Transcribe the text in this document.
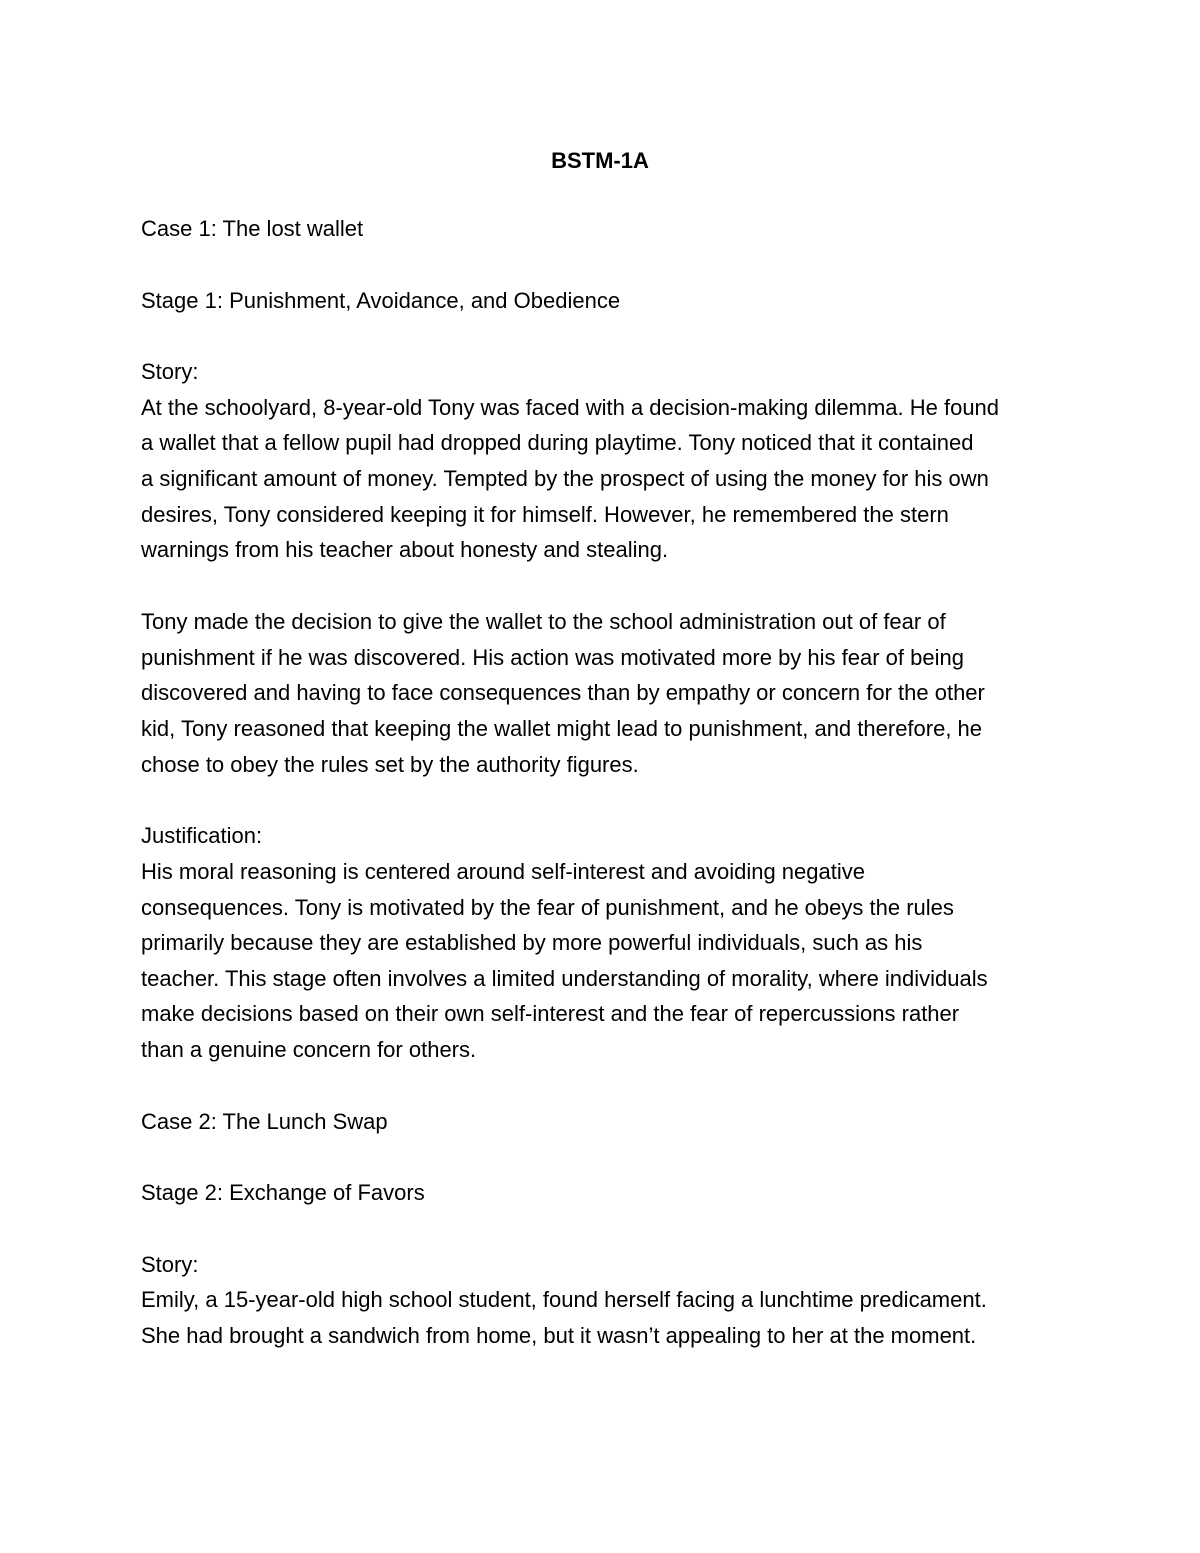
BSTM-1A
Case 1: The lost wallet
Stage 1: Punishment, Avoidance, and Obedience
Story:
At the schoolyard, 8-year-old Tony was faced with a decision-making dilemma. He found
a wallet that a fellow pupil had dropped during playtime. Tony noticed that it contained
a significant amount of money. Tempted by the prospect of using the money for his own
desires, Tony considered keeping it for himself. However, he remembered the stern
warnings from his teacher about honesty and stealing.
Tony made the decision to give the wallet to the school administration out of fear of
punishment if he was discovered. His action was motivated more by his fear of being
discovered and having to face consequences than by empathy or concern for the other
kid, Tony reasoned that keeping the wallet might lead to punishment, and therefore, he
chose to obey the rules set by the authority figures.
Justification:
His moral reasoning is centered around self-interest and avoiding negative
consequences. Tony is motivated by the fear of punishment, and he obeys the rules
primarily because they are established by more powerful individuals, such as his
teacher. This stage often involves a limited understanding of morality, where individuals
make decisions based on their own self-interest and the fear of repercussions rather
than a genuine concern for others.
Case 2: The Lunch Swap
Stage 2: Exchange of Favors
Story:
Emily, a 15-year-old high school student, found herself facing a lunchtime predicament.
She had brought a sandwich from home, but it wasn’t appealing to her at the moment.
